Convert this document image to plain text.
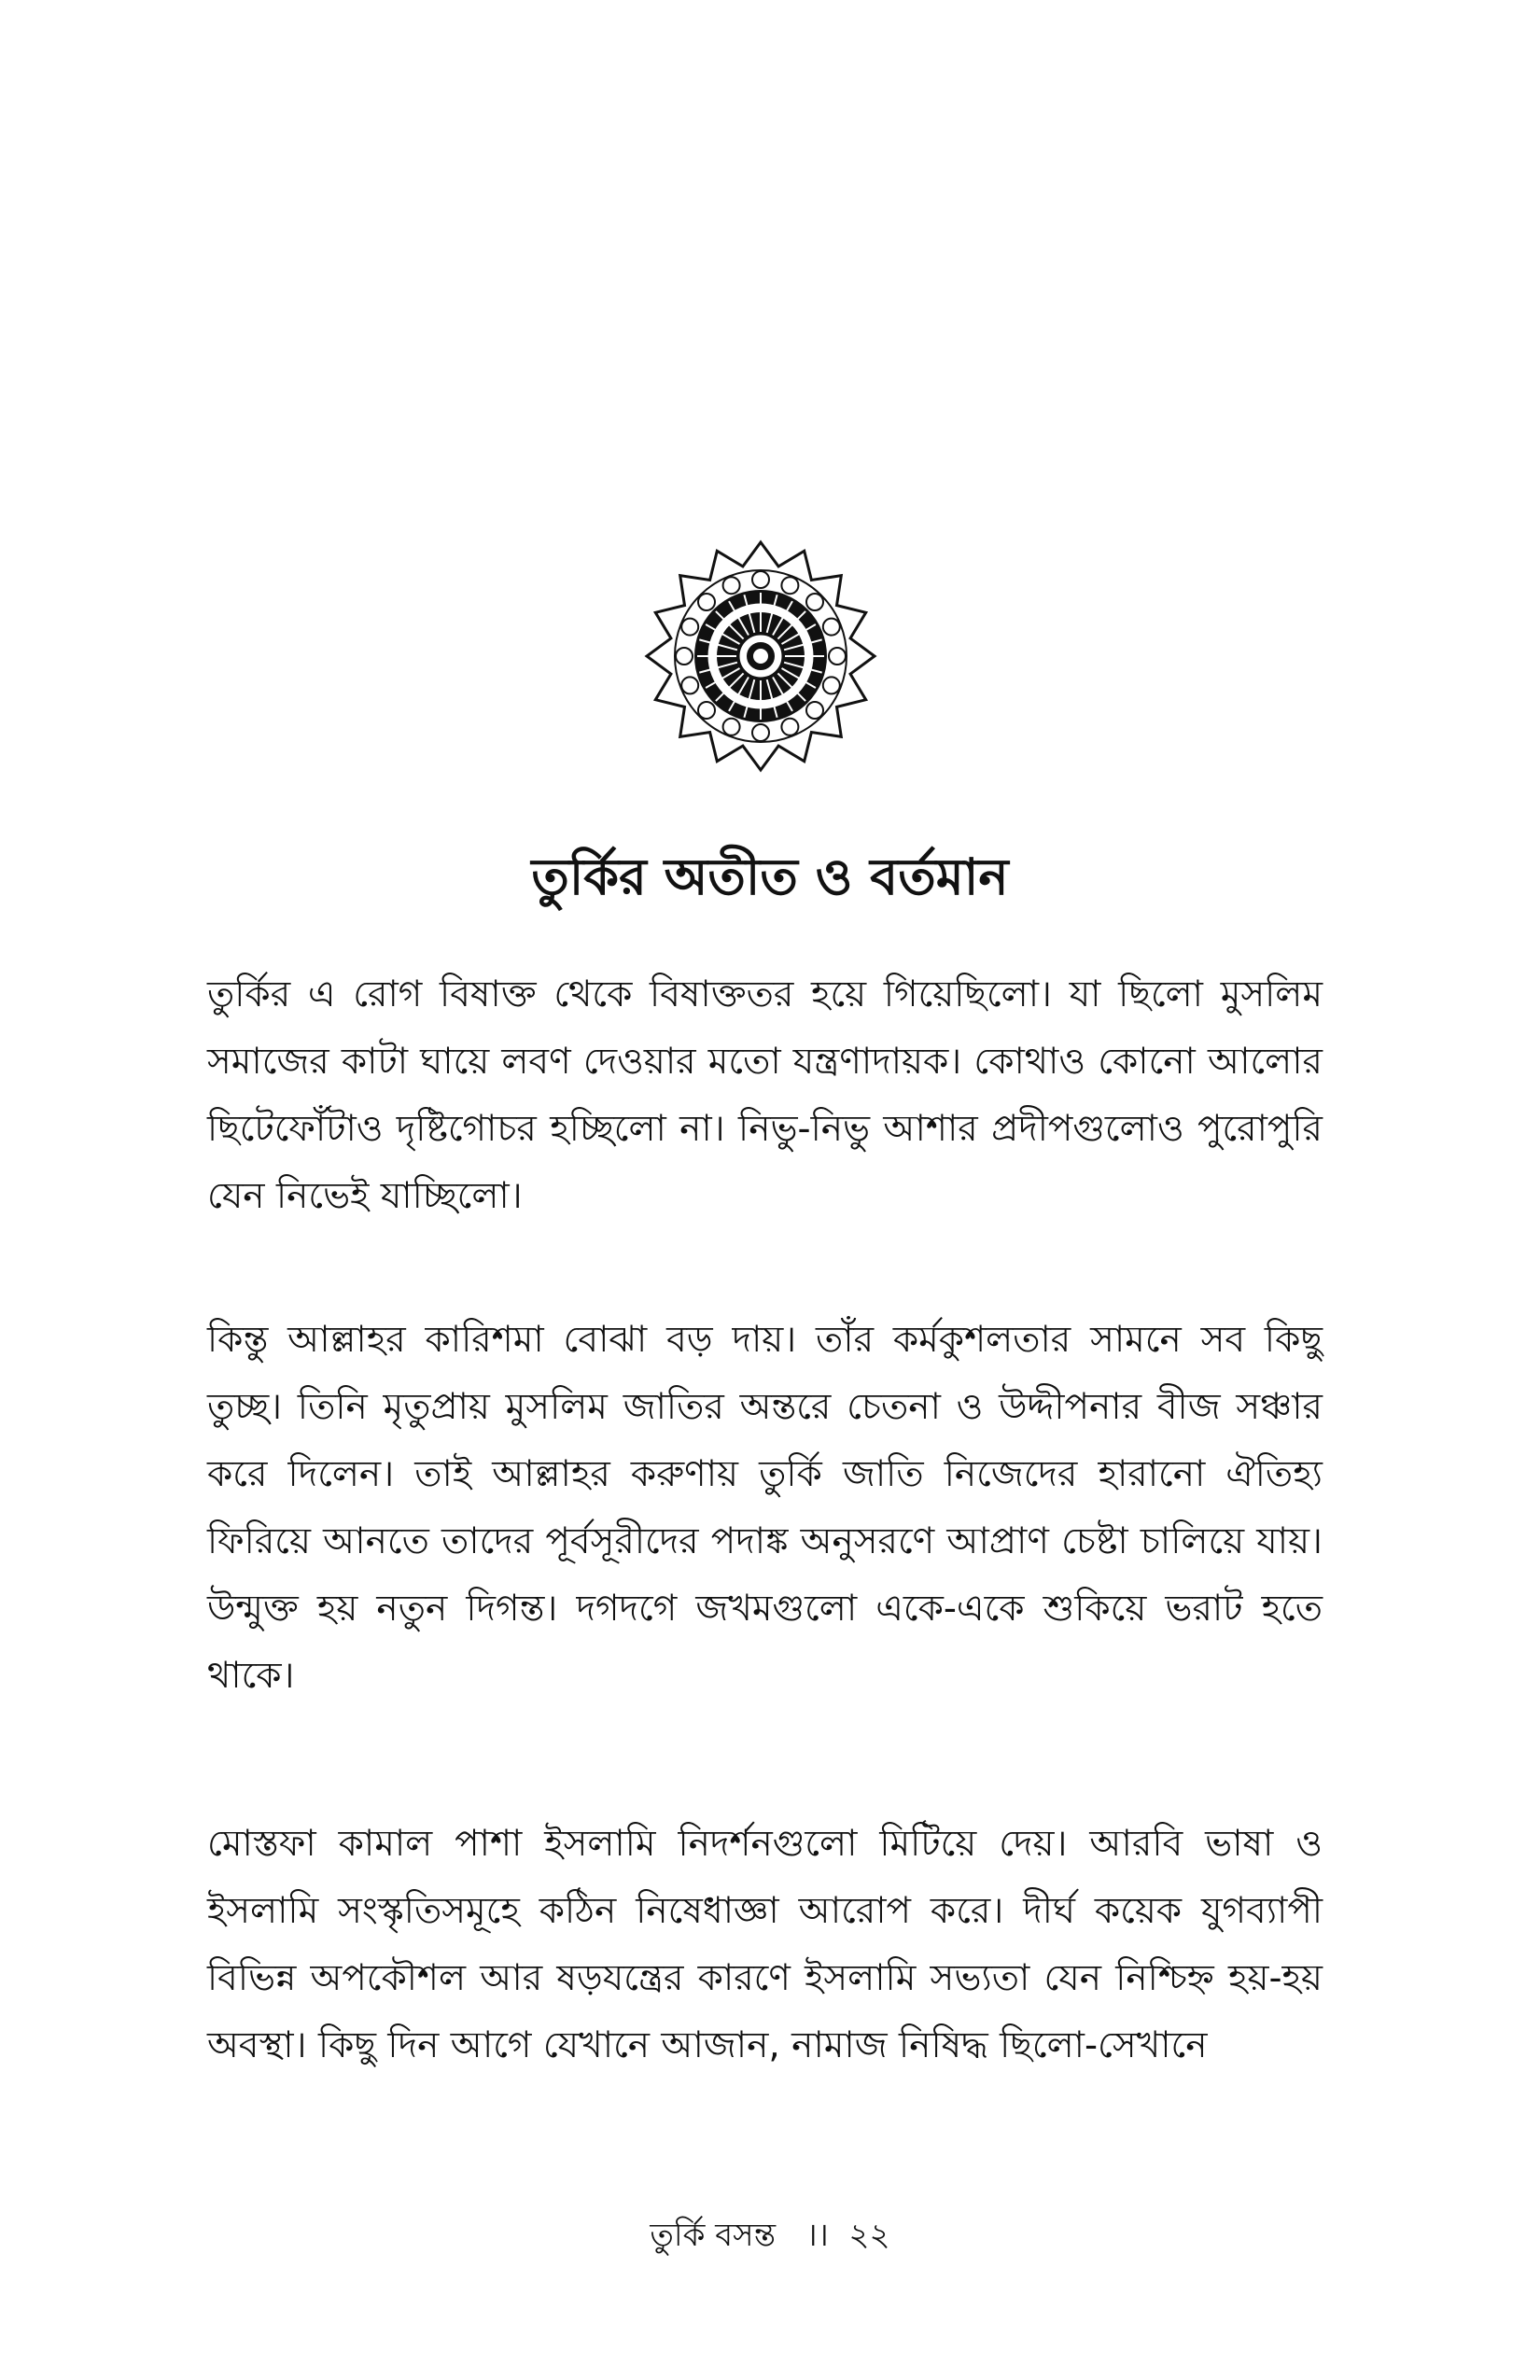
তুর্কির অতীত ও বর্তমান

তুর্কির এ রোগ বিষাক্ত থেকে বিষাক্ততর হয়ে গিয়েছিলো। যা ছিলো মুসলিম সমাজের কাটা ঘায়ে লবণ দেওয়ার মতো যন্ত্রণাদায়ক। কোথাও কোনো আলোর ছিটেফোঁটাও দৃষ্টিগোচর হচ্ছিলো না। নিভু-নিভু আশার প্রদীপগুলোও পুরোপুরি যেন নিভেই যাচ্ছিলো।

কিন্তু আল্লাহর কারিশমা বোঝা বড় দায়। তাঁর কর্মকুশলতার সামনে সব কিছু তুচ্ছ। তিনি মৃতুপ্রায় মুসলিম জাতির অন্তরে চেতনা ও উদ্দীপনার বীজ সঞ্চার করে দিলেন। তাই আল্লাহর করুণায় তুর্কি জাতি নিজেদের হারানো ঐতিহ্য ফিরিয়ে আনতে তাদের পূর্বসূরীদের পদাঙ্ক অনুসরণে আপ্রাণ চেষ্টা চালিয়ে যায়। উন্মুক্ত হয় নতুন দিগন্ত। দগদগে জখমগুলো একে-একে শুকিয়ে ভরাট হতে থাকে।

মোস্তফা কামাল পাশা ইসলামি নিদর্শনগুলো মিটিয়ে দেয়। আরবি ভাষা ও ইসলামি সংস্কৃতিসমূহে কঠিন নিষেধাজ্ঞা আরোপ করে। দীর্ঘ কয়েক যুগব্যাপী বিভিন্ন অপকৌশল আর ষড়যন্ত্রের কারণে ইসলামি সভ্যতা যেন নিশ্চিহ্ন হয়-হয় অবস্থা। কিছু দিন আগে যেখানে আজান, নামাজ নিষিদ্ধ ছিলো-সেখানে

তুর্কি বসন্ত ।। ২২
